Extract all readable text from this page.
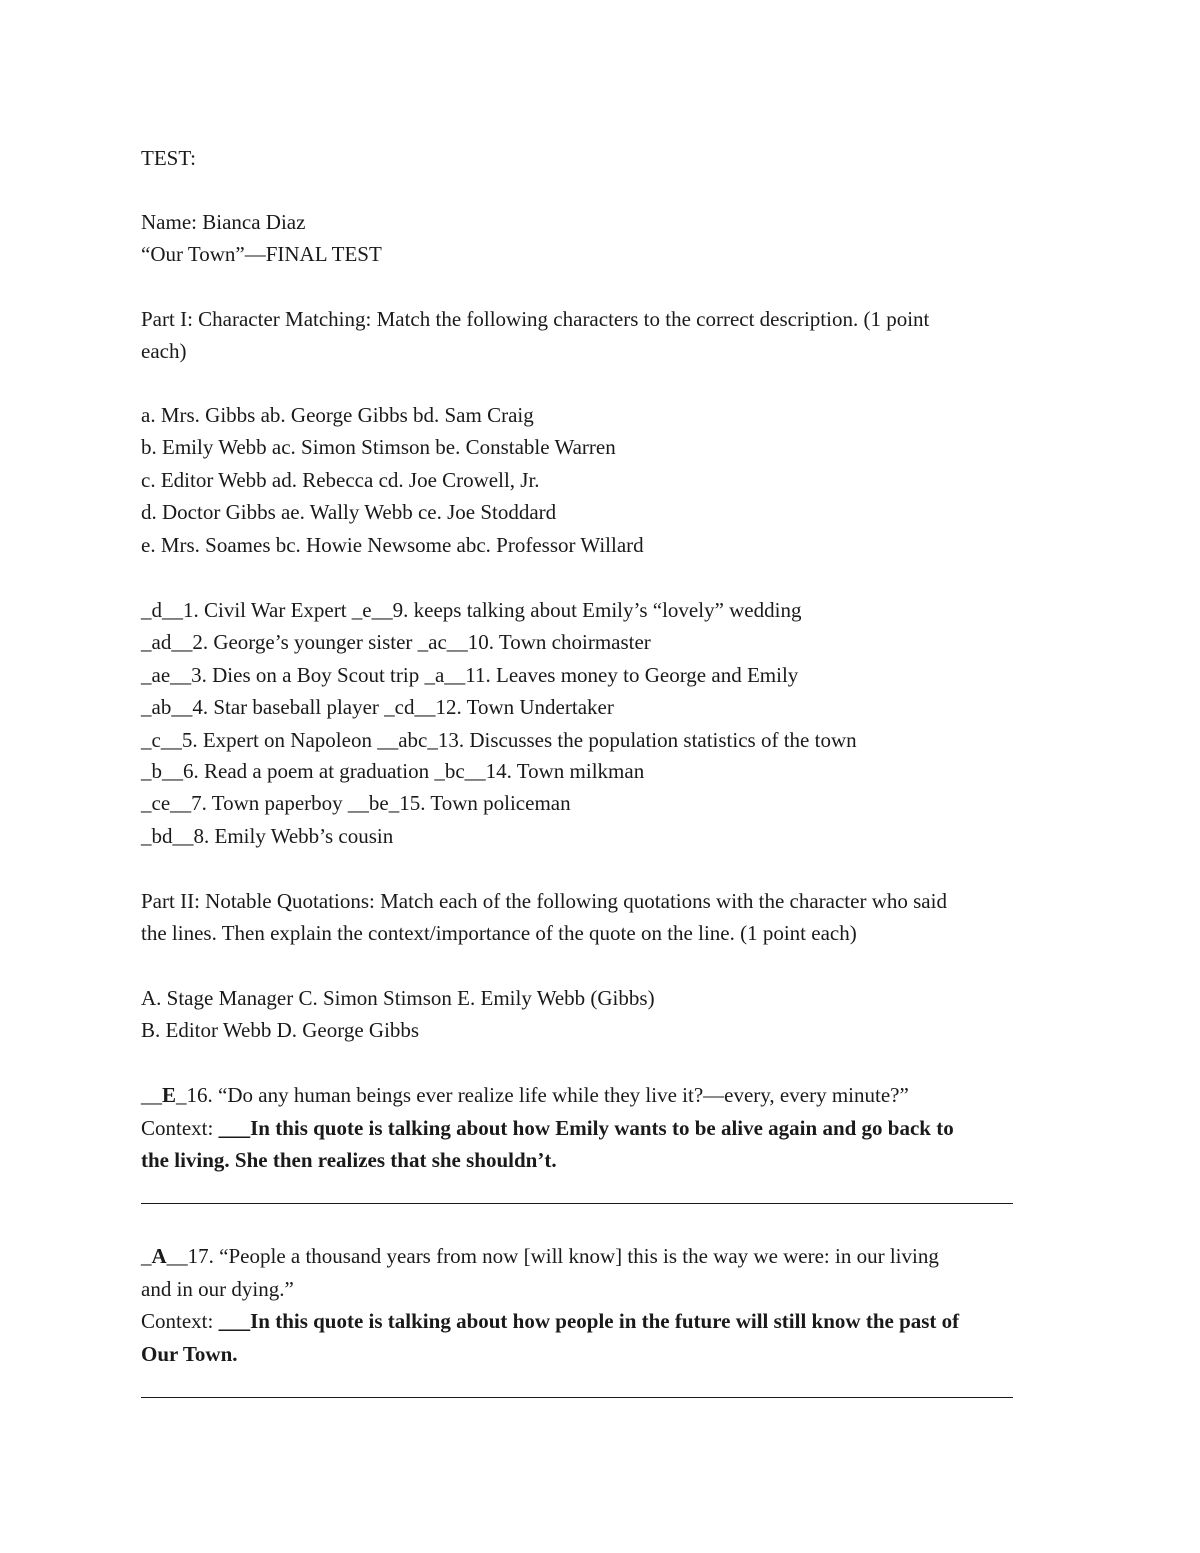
TEST:

Name: Bianca Diaz

“Our Town”—FINAL TEST

Part I: Character Matching: Match the following characters to the correct description. (1 point

each)

a. Mrs. Gibbs ab. George Gibbs bd. Sam Craig

b. Emily Webb ac. Simon Stimson be. Constable Warren

c. Editor Webb ad. Rebecca cd. Joe Crowell, Jr.

d. Doctor Gibbs ae. Wally Webb ce. Joe Stoddard

e. Mrs. Soames bc. Howie Newsome abc. Professor Willard

_d__1. Civil War Expert _e__9. keeps talking about Emily’s “lovely” wedding

_ad__2. George’s younger sister _ac__10. Town choirmaster

_ae__3. Dies on a Boy Scout trip _a__11. Leaves money to George and Emily

_ab__4. Star baseball player _cd__12. Town Undertaker

_c__5. Expert on Napoleon __abc_13. Discusses the population statistics of the town

_b__6. Read a poem at graduation _bc__14. Town milkman

_ce__7. Town paperboy __be_15. Town policeman

_bd__8. Emily Webb’s cousin

Part II: Notable Quotations: Match each of the following quotations with the character who said

the lines. Then explain the context/importance of the quote on the line. (1 point each)

A. Stage Manager C. Simon Stimson E. Emily Webb (Gibbs)

B. Editor Webb D. George Gibbs

__E_16. “Do any human beings ever realize life while they live it?—every, every minute?”

Context: ___In this quote is talking about how Emily wants to be alive again and go back to

the living. She then realizes that she shouldn’t.

_A__17. “People a thousand years from now [will know] this is the way we were: in our living

and in our dying.”

Context: ___In this quote is talking about how people in the future will still know the past of

Our Town.
